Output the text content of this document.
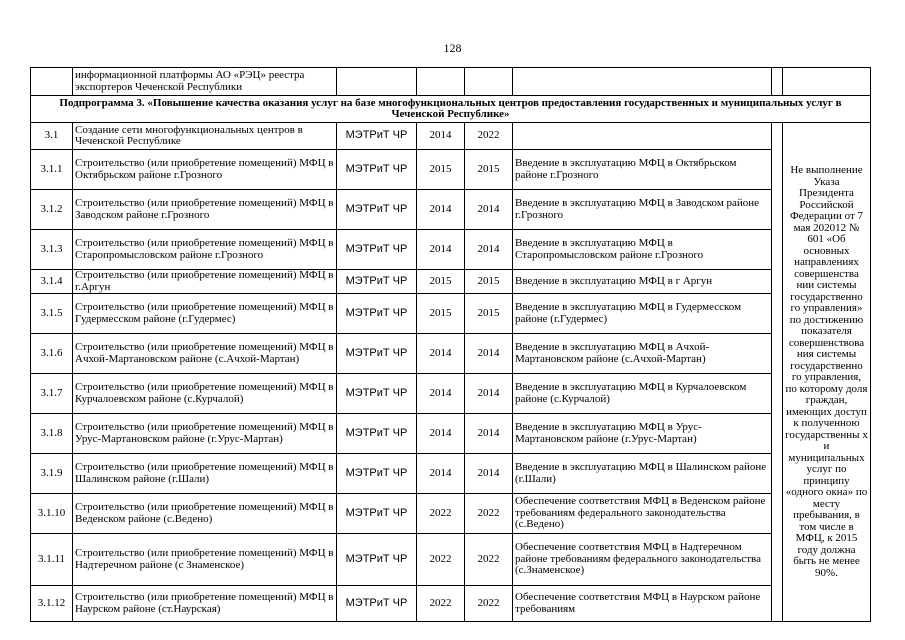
128
	информационной платформы АО «РЭЦ» реестра экспортеров Чеченской Республики						
Подпрограмма 3. «Повышение качества оказания услуг на базе многофункциональных центров предоставления государственных и муниципальных услуг в Чеченской Республике»							
3.1	Создание сети многофункциональных центров в Чеченской Республике	МЭТРиТ ЧР	2014	2022			Не выполнение Указа Президента Российской Федерации от 7 мая 202012 № 601 «Об основных направлениях совершенства нии системы государственно го управления» по достижению показателя совершенствова ния системы государственно го управления, по которому доля граждан, имеющих доступ к полученною государственны х и муниципальных услуг по принципу «одного окна» по месту пребывания, в том числе в МФЦ, к 2015 году должна быть не менее 90%.
3.1.1	Строительство (или приобретение помещений) МФЦ в Октябрьском районе г.Грозного	МЭТРиТ ЧР	2015	2015	Введение в эксплуатацию МФЦ в Октябрьском районе г.Грозного		
3.1.2	Строительство (или приобретение помещений) МФЦ в Заводском районе г.Грозного	МЭТРиТ ЧР	2014	2014	Введение в эксплуатацию МФЦ в Заводском районе г.Грозного		
3.1.3	Строительство (или приобретение помещений) МФЦ в Старопромысловском районе г.Грозного	МЭТРиТ ЧР	2014	2014	Введение в эксплуатацию МФЦ в Старопромысловском районе г.Грозного		
3.1.4	Строительство (или приобретение помещений) МФЦ в г.Аргун	МЭТРиТ ЧР	2015	2015	Введение в эксплуатацию МФЦ в г Аргун		
3.1.5	Строительство (или приобретение помещений) МФЦ в Гудермесском районе (г.Гудермес)	МЭТРиТ ЧР	2015	2015	Введение в эксплуатацию МФЦ в Гудермесском районе (г.Гудермес)		
3.1.6	Строительство (или приобретение помещений) МФЦ в Ачхой-Мартановском районе (с.Ачхой-Мартан)	МЭТРиТ ЧР	2014	2014	Введение в эксплуатацию МФЦ в Ачхой-Мартановском районе (с.Ачхой-Мартан)		
3.1.7	Строительство (или приобретение помещений) МФЦ в Курчалоевском районе (с.Курчалой)	МЭТРиТ ЧР	2014	2014	Введение в эксплуатацию МФЦ в Курчалоевском районе (с.Курчалой)		
3.1.8	Строительство (или приобретение помещений) МФЦ в Урус-Мартановском районе (г.Урус-Мартан)	МЭТРиТ ЧР	2014	2014	Введение в эксплуатацию МФЦ в Урус-Мартановском районе (г.Урус-Мартан)		
3.1.9	Строительство (или приобретение помещений) МФЦ в Шалинском районе (г.Шали)	МЭТРиТ ЧР	2014	2014	Введение в эксплуатацию МФЦ в Шалинском районе (г.Шали)		
3.1.10	Строительство (или приобретение помещений) МФЦ в Веденском районе (с.Ведено)	МЭТРиТ ЧР	2022	2022	Обеспечение соответствия МФЦ в Веденском районе требованиям федерального законодательства (с.Ведено)		
3.1.11	Строительство (или приобретение помещений) МФЦ в Надтеречном районе (с Знаменское)	МЭТРиТ ЧР	2022	2022	Обеспечение соответствия МФЦ в Надтеречном районе требованиям федерального законодательства (с.Знаменское)		
3.1.12	Строительство (или приобретение помещений) МФЦ в Наурском районе (ст.Наурская)	МЭТРиТ ЧР	2022	2022	Обеспечение соответствия МФЦ в Наурском районе требованиям		
